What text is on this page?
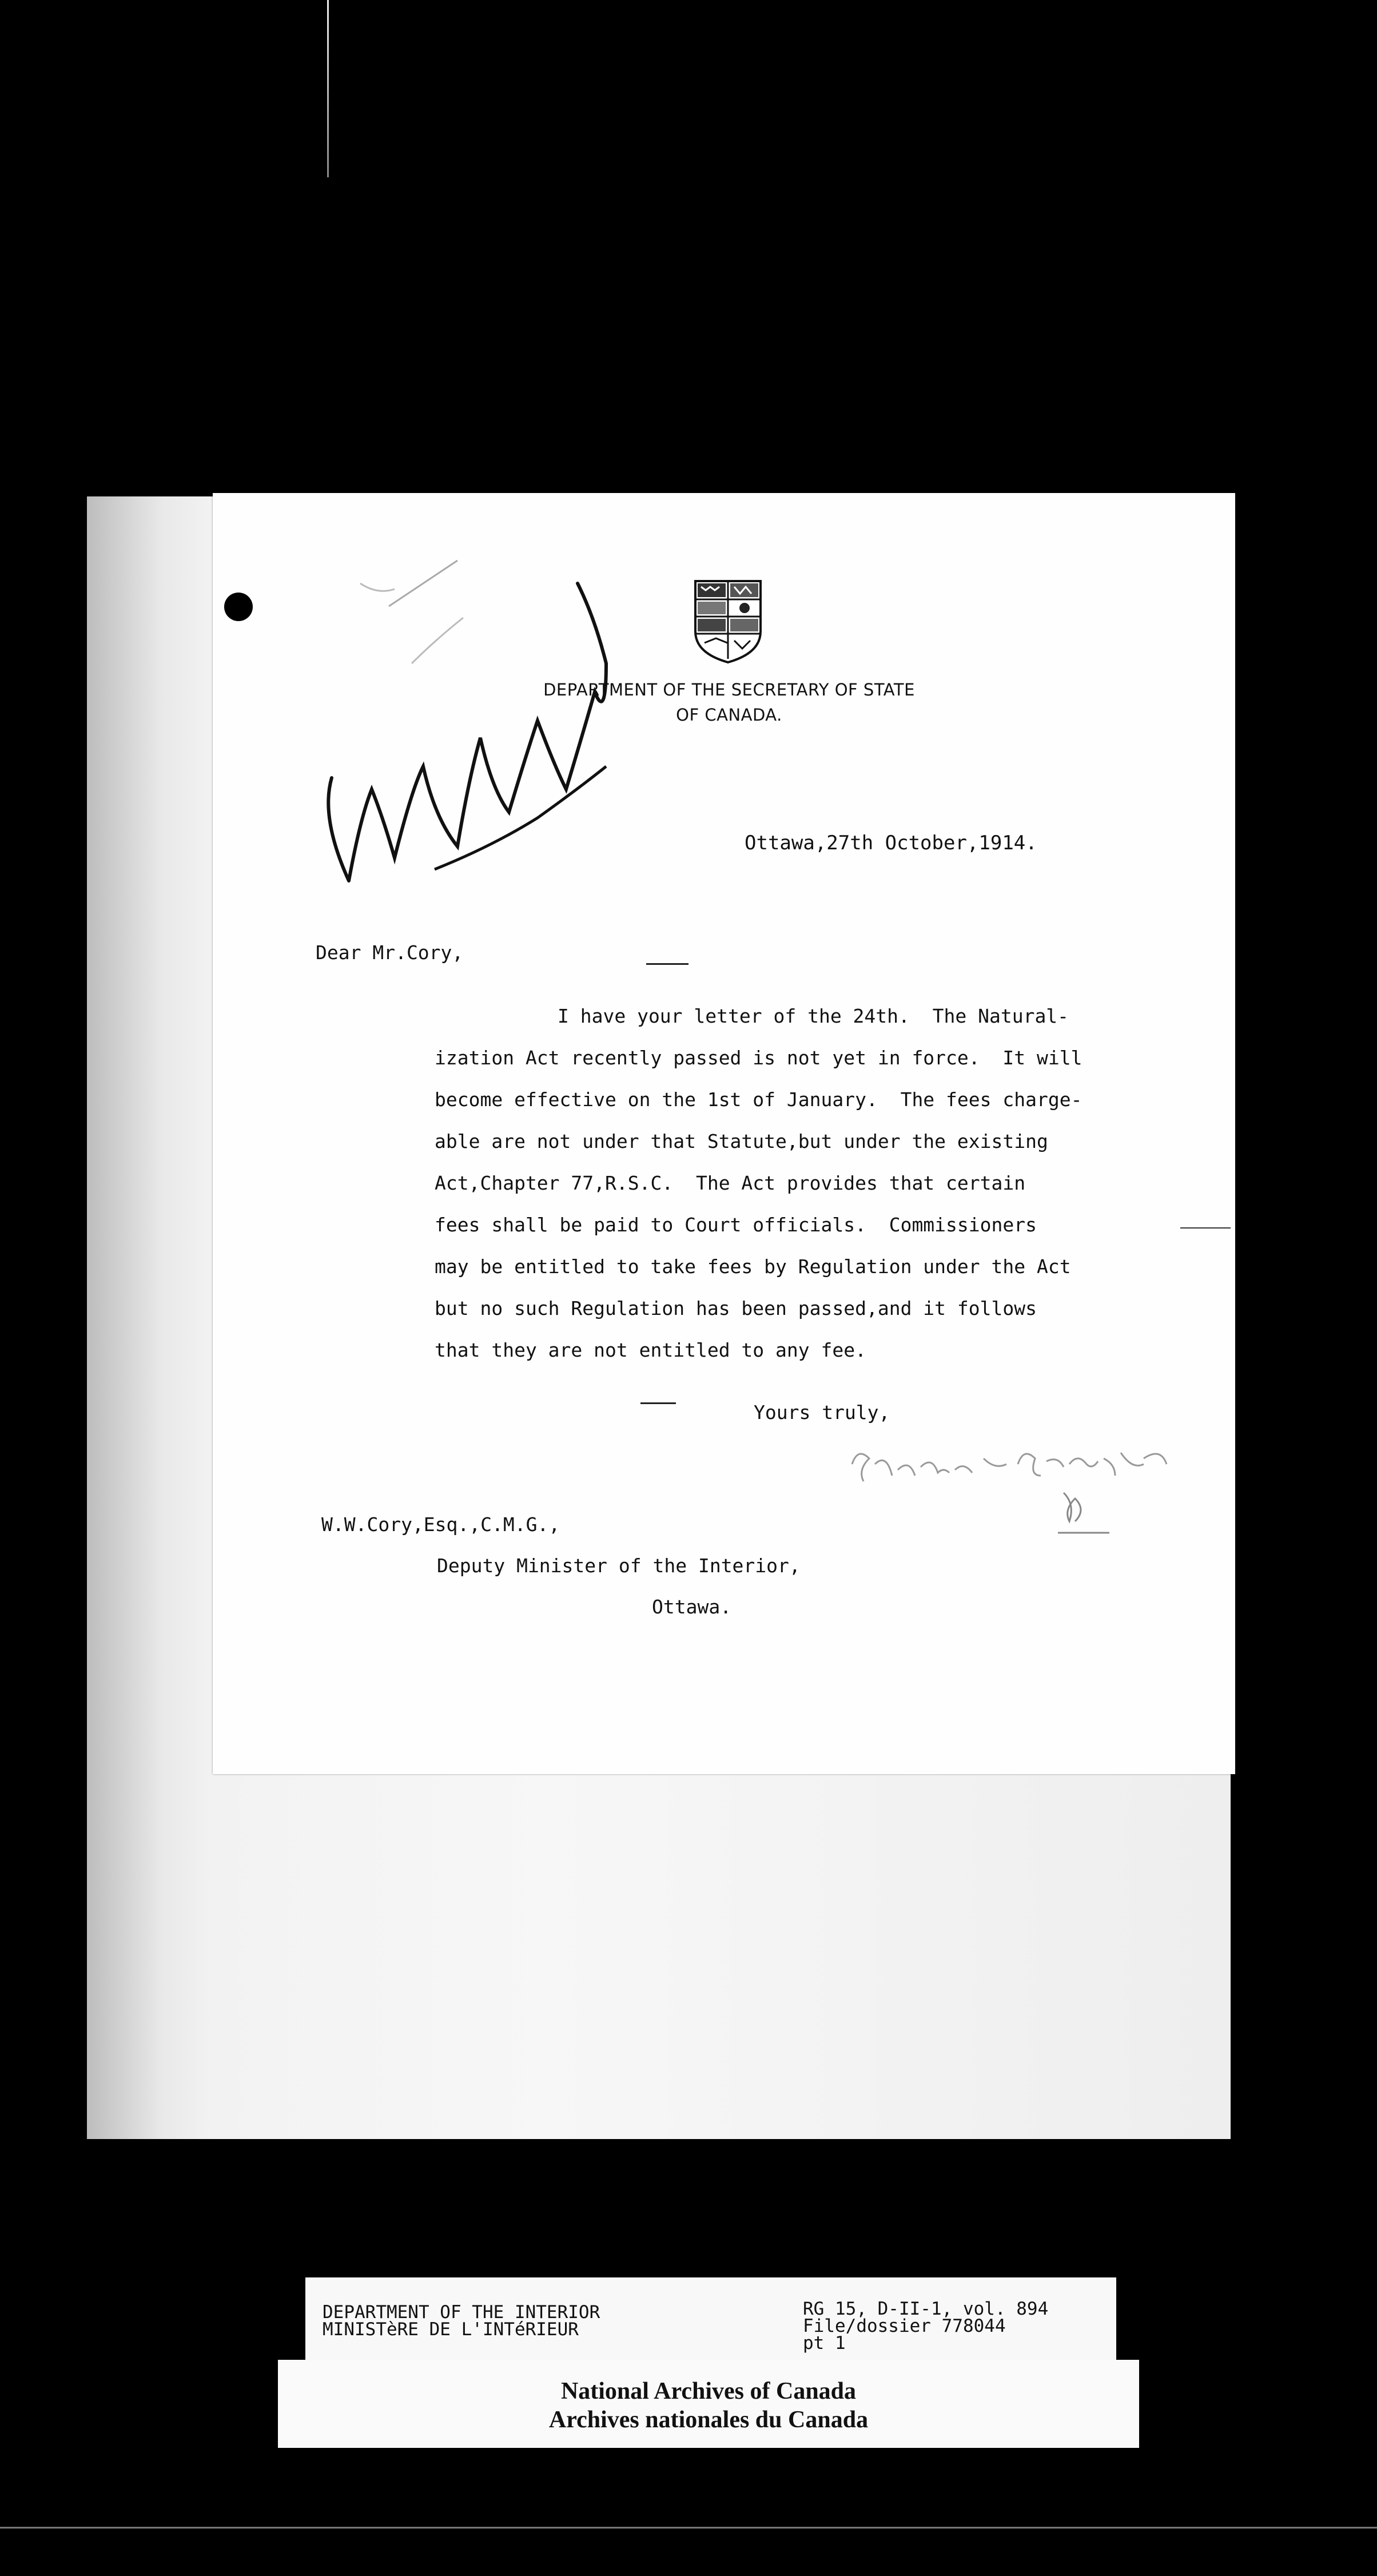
DEPARTMENT OF THE SECRETARY OF STATE
OF CANADA.
Ottawa,27th October,1914.
Dear Mr.Cory,
I have your letter of the 24th.  The Natural-
ization Act recently passed is not yet in force.  It will
become effective on the 1st of January.  The fees charge-
able are not under that Statute,but under the existing
Act,Chapter 77,R.S.C.  The Act provides that certain
fees shall be paid to Court officials.  Commissioners
may be entitled to take fees by Regulation under the Act
but no such Regulation has been passed,and it follows
that they are not entitled to any fee.
Yours truly,
W.W.Cory,Esq.,C.M.G.,
Deputy Minister of the Interior,
Ottawa.
DEPARTMENT OF THE INTERIOR
MINISTèRE DE L'INTéRIEUR
RG 15, D-II-1, vol. 894
File/dossier 778044
pt 1
National Archives of Canada
Archives nationales du Canada
